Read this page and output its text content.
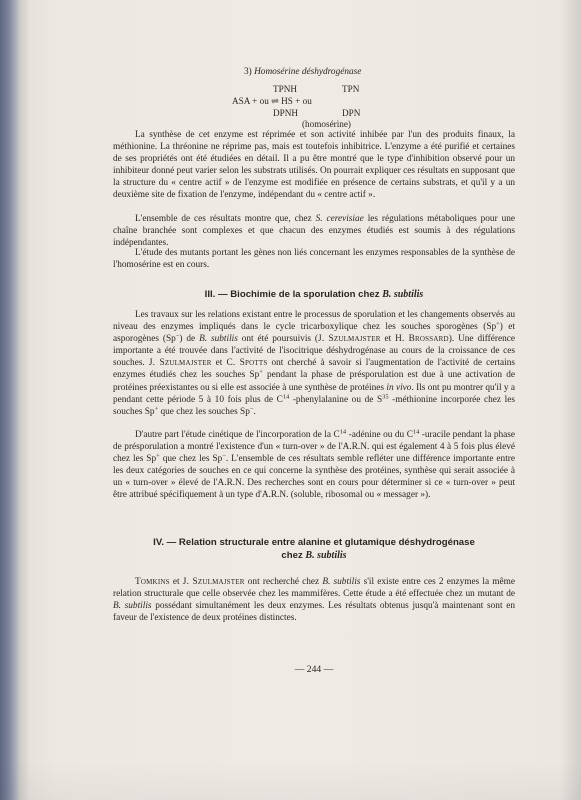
3) Homosérine déshydrogénase
TPNH	TPN
ASA + ou ⇌ HS + ou
DPNH	DPN
(homosérine)

La synthèse de cet enzyme est réprimée et son activité inhibée par l'un des produits finaux, la méthionine. La thréonine ne réprime pas, mais est toutefois inhibitrice. L'enzyme a été purifié et certaines de ses propriétés ont été étudiées en détail. Il a pu être montré que le type d'inhibition observé pour un inhibiteur donné peut varier selon les substrats utilisés. On pourrait expliquer ces résultats en supposant que la structure du « centre actif » de l'enzyme est modifiée en présence de certains substrats, et qu'il y a un deuxième site de fixation de l'enzyme, indépendant du « centre actif ».

L'ensemble de ces résultats montre que, chez S. cerevisiae les régulations métaboliques pour une chaîne branchée sont complexes et que chacun des enzymes étudiés est soumis à des régulations indépendantes.

L'étude des mutants portant les gènes non liés concernant les enzymes responsables de la synthèse de l'homosérine est en cours.

III. — Biochimie de la sporulation chez B. subtilis

Les travaux sur les relations existant entre le processus de sporulation et les changements observés au niveau des enzymes impliqués dans le cycle tricarboxylique chez les souches sporogènes (Sp+) et asporogènes (Sp−) de B. subtilis ont été poursuivis (J. Szulmajster et H. Brossard). Une différence importante a été trouvée dans l'activité de l'isocitrique déshydrogénase au cours de la croissance de ces souches. J. Szulmajster et C. Spotts ont cherché à savoir si l'augmentation de l'activité de certains enzymes étudiés chez les souches Sp+ pendant la phase de présporulation est due à une activation de protéines préexistantes ou si elle est associée à une synthèse de protéines in vivo. Ils ont pu montrer qu'il y a pendant cette période 5 à 10 fois plus de $C^{14}$ -phenylalanine ou de $S^{35}$ -méthionine incorporée chez les souches Sp+ que chez les souches Sp−.

D'autre part l'étude cinétique de l'incorporation de la $C^{14}$ -adénine ou du $C^{14}$ -uracile pendant la phase de présporulation a montré l'existence d'un « turn-over » de l'A.R.N. qui est également 4 à 5 fois plus élevé chez les Sp+ que chez les Sp−. L'ensemble de ces résultats semble refléter une différence importante entre les deux catégories de souches en ce qui concerne la synthèse des protéines, synthèse qui serait associée à un « turn-over » élevé de l'A.R.N. Des recherches sont en cours pour déterminer si ce « turn-over » peut être attribué spécifiquement à un type d'A.R.N. (soluble, ribosomal ou « messager »).

IV. — Relation structurale entre alanine et glutamique déshydrogénase
chez B. subtilis

Tomkins et J. Szulmajster ont recherché chez B. subtilis s'il existe entre ces 2 enzymes la même relation structurale que celle observée chez les mammifères. Cette étude a été effectuée chez un mutant de B. subtilis possédant simultanément les deux enzymes. Les résultats obtenus jusqu'à maintenant sont en faveur de l'existence de deux protéines distinctes.

— 244 —
